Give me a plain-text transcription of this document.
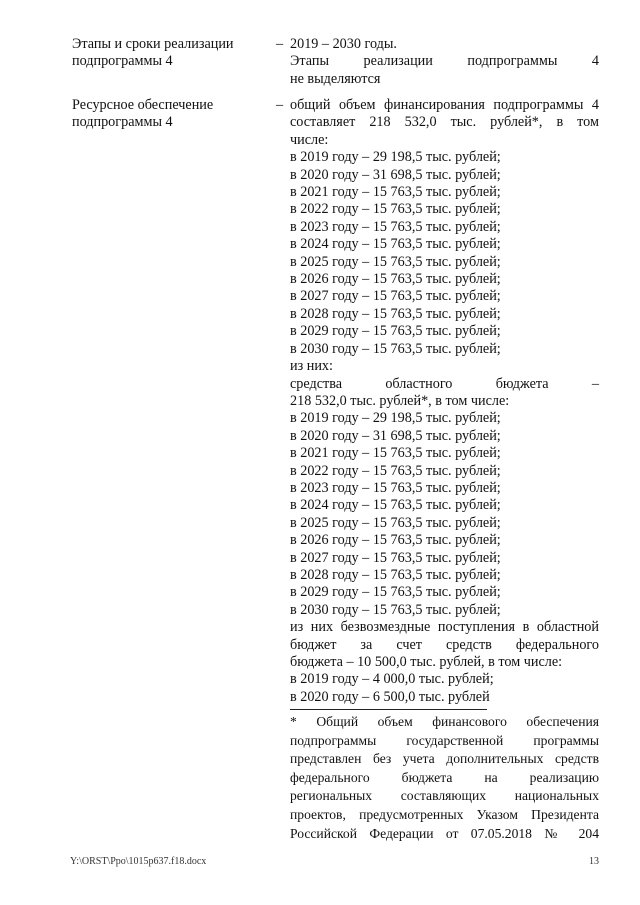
Этапы и сроки реализации
подпрограммы 4
– 2019 – 2030 годы.
Этапы реализации подпрограммы 4
не выделяются
Ресурсное обеспечение
подпрограммы 4
– общий объем финансирования подпрограммы 4
составляет 218 532,0 тыс. рублей*, в том
числе:
в 2019 году – 29 198,5 тыс. рублей;
в 2020 году – 31 698,5 тыс. рублей;
в 2021 году – 15 763,5 тыс. рублей;
в 2022 году – 15 763,5 тыс. рублей;
в 2023 году – 15 763,5 тыс. рублей;
в 2024 году – 15 763,5 тыс. рублей;
в 2025 году – 15 763,5 тыс. рублей;
в 2026 году – 15 763,5 тыс. рублей;
в 2027 году – 15 763,5 тыс. рублей;
в 2028 году – 15 763,5 тыс. рублей;
в 2029 году – 15 763,5 тыс. рублей;
в 2030 году – 15 763,5 тыс. рублей;
из них:
средства областного бюджета –
218 532,0 тыс. рублей*, в том числе:
в 2019 году – 29 198,5 тыс. рублей;
в 2020 году – 31 698,5 тыс. рублей;
в 2021 году – 15 763,5 тыс. рублей;
в 2022 году – 15 763,5 тыс. рублей;
в 2023 году – 15 763,5 тыс. рублей;
в 2024 году – 15 763,5 тыс. рублей;
в 2025 году – 15 763,5 тыс. рублей;
в 2026 году – 15 763,5 тыс. рублей;
в 2027 году – 15 763,5 тыс. рублей;
в 2028 году – 15 763,5 тыс. рублей;
в 2029 году – 15 763,5 тыс. рублей;
в 2030 году – 15 763,5 тыс. рублей;
из них безвозмездные поступления в областной
бюджет за счет средств федерального
бюджета – 10 500,0 тыс. рублей, в том числе:
в 2019 году – 4 000,0 тыс. рублей;
в 2020 году – 6 500,0 тыс. рублей
* Общий объем финансового обеспечения
подпрограммы государственной программы
представлен без учета дополнительных средств
федерального бюджета на реализацию
региональных составляющих национальных
проектов, предусмотренных Указом Президента
Российской Федерации от 07.05.2018 № 204
Y:\ORST\Ppo\1015p637.f18.docx	13
